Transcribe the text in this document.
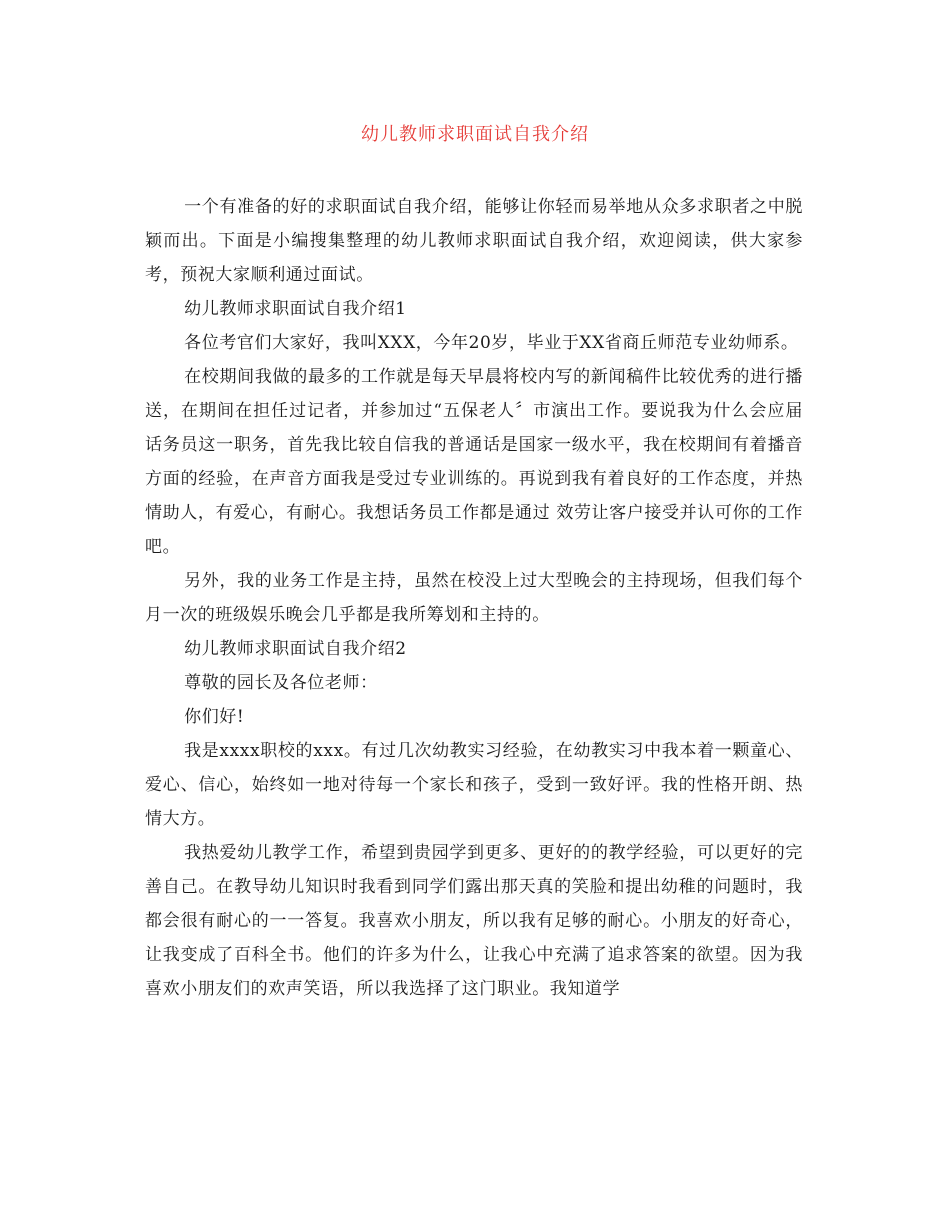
幼儿教师求职面试自我介绍

一个有准备的好的求职面试自我介绍，能够让你轻而易举地从众多求职者之中脱颖而出。下面是小编搜集整理的幼儿教师求职面试自我介绍，欢迎阅读，供大家参考，预祝大家顺利通过面试。

幼儿教师求职面试自我介绍1

各位考官们大家好，我叫XXX，今年20岁，毕业于XX省商丘师范专业幼师系。

在校期间我做的最多的工作就是每天早晨将校内写的新闻稿件比较优秀的进行播送，在期间在担任过记者，并参加过“五保老人〞市演出工作。要说我为什么会应届话务员这一职务，首先我比较自信我的普通话是国家一级水平，我在校期间有着播音方面的经验，在声音方面我是受过专业训练的。再说到我有着良好的工作态度，并热情助人，有爱心，有耐心。我想话务员工作都是通过 效劳让客户接受并认可你的工作吧。

另外，我的业务工作是主持，虽然在校没上过大型晚会的主持现场，但我们每个月一次的班级娱乐晚会几乎都是我所筹划和主持的。

幼儿教师求职面试自我介绍2

尊敬的园长及各位老师：

你们好!

我是xxxx职校的xxx。有过几次幼教实习经验，在幼教实习中我本着一颗童心、爱心、信心，始终如一地对待每一个家长和孩子，受到一致好评。我的性格开朗、热情大方。

我热爱幼儿教学工作，希望到贵园学到更多、更好的的教学经验，可以更好的完善自己。在教导幼儿知识时我看到同学们露出那天真的笑脸和提出幼稚的问题时，我都会很有耐心的一一答复。我喜欢小朋友，所以我有足够的耐心。小朋友的好奇心，让我变成了百科全书。他们的许多为什么，让我心中充满了追求答案的欲望。因为我喜欢小朋友们的欢声笑语，所以我选择了这门职业。我知道学
